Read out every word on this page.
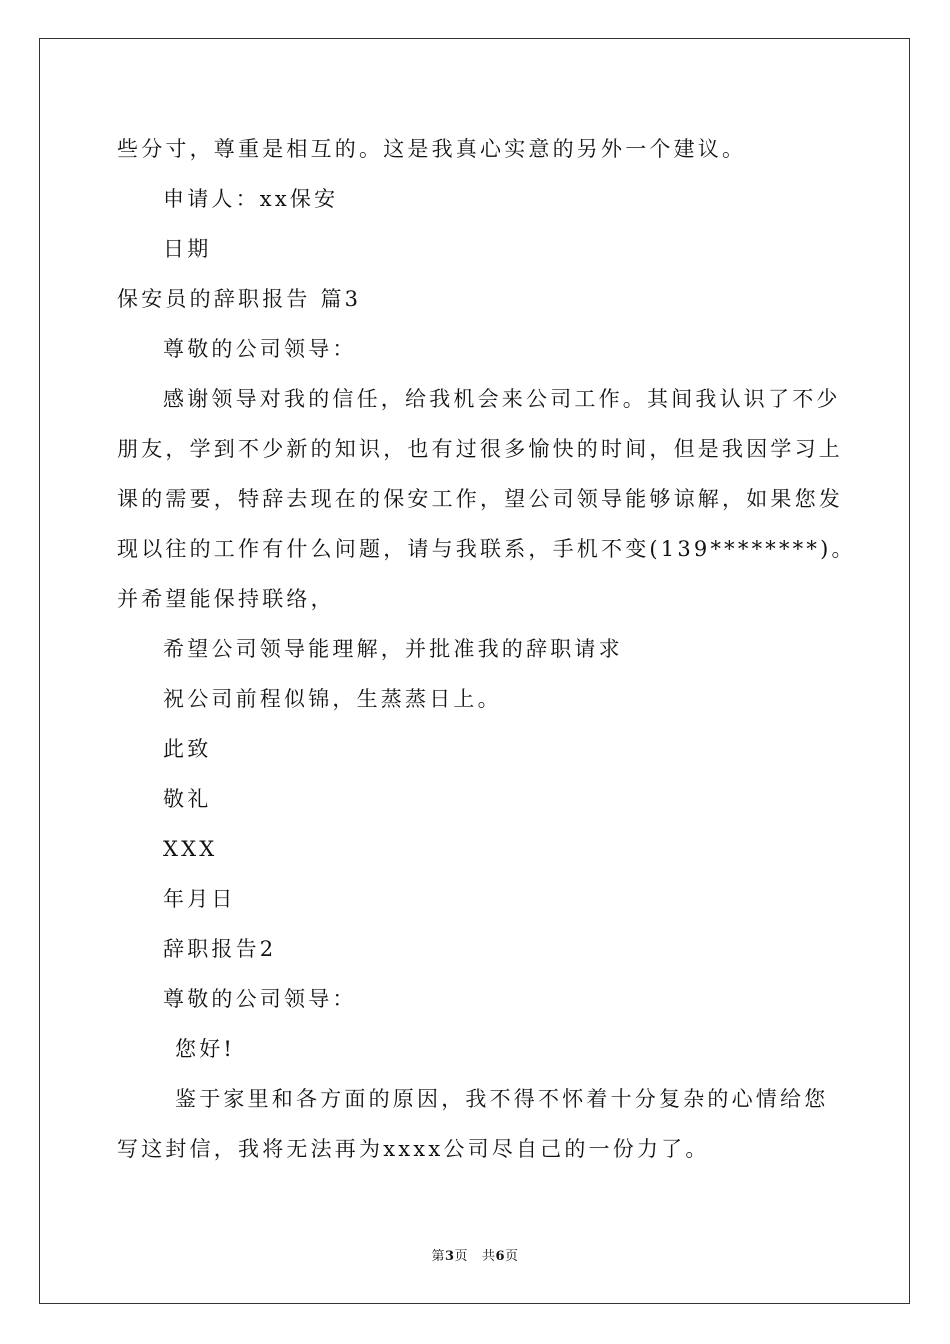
些分寸，尊重是相互的。这是我真心实意的另外一个建议。

申请人：xx保安

日期

保安员的辞职报告 篇3

尊敬的公司领导：

感谢领导对我的信任，给我机会来公司工作。其间我认识了不少

朋友，学到不少新的知识，也有过很多愉快的时间，但是我因学习上

课的需要，特辞去现在的保安工作，望公司领导能够谅解，如果您发

现以往的工作有什么问题，请与我联系，手机不变(139********)。

并希望能保持联络，

希望公司领导能理解，并批准我的辞职请求

祝公司前程似锦，生蒸蒸日上。

此致

敬礼

XXX

年月日

辞职报告2

尊敬的公司领导：

您好!

鉴于家里和各方面的原因，我不得不怀着十分复杂的心情给您

写这封信，我将无法再为xxxx公司尽自己的一份力了。

第3页 共6页
